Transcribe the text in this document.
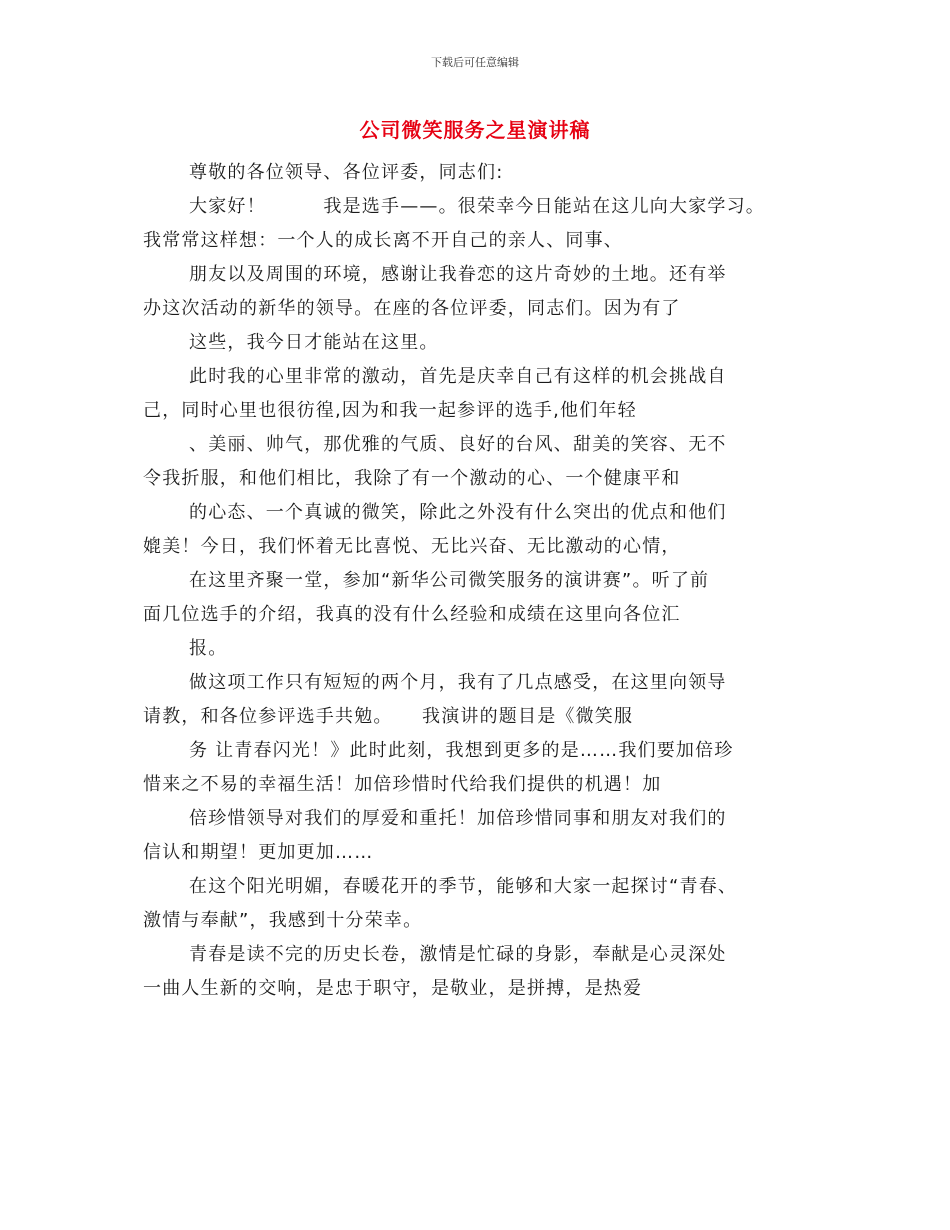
下载后可任意编辑
公司微笑服务之星演讲稿
尊敬的各位领导、各位评委，同志们:
大家好！　　　我是选手——。很荣幸今日能站在这儿向大家学习。
我常常这样想：一个人的成长离不开自己的亲人、同事、
朋友以及周围的环境，感谢让我眷恋的这片奇妙的土地。还有举
办这次活动的新华的领导。在座的各位评委，同志们。因为有了
这些，我今日才能站在这里。
此时我的心里非常的激动，首先是庆幸自己有这样的机会挑战自
己，同时心里也很彷徨,因为和我一起参评的选手,他们年轻
、美丽、帅气，那优雅的气质、良好的台风、甜美的笑容、无不
令我折服，和他们相比，我除了有一个激动的心、一个健康平和
的心态、一个真诚的微笑，除此之外没有什么突出的优点和他们
媲美！今日，我们怀着无比喜悦、无比兴奋、无比激动的心情，
在这里齐聚一堂，参加“新华公司微笑服务的演讲赛”。听了前
面几位选手的介绍，我真的没有什么经验和成绩在这里向各位汇
报。
做这项工作只有短短的两个月，我有了几点感受，在这里向领导
请教，和各位参评选手共勉。　　我演讲的题目是《微笑服
务 让青春闪光！》此时此刻，我想到更多的是……我们要加倍珍
惜来之不易的幸福生活！加倍珍惜时代给我们提供的机遇！加
倍珍惜领导对我们的厚爱和重托！加倍珍惜同事和朋友对我们的
信认和期望！更加更加……
在这个阳光明媚，春暖花开的季节，能够和大家一起探讨“青春、
激情与奉献”，我感到十分荣幸。
青春是读不完的历史长卷，激情是忙碌的身影，奉献是心灵深处
一曲人生新的交响，是忠于职守，是敬业，是拼搏，是热爱
